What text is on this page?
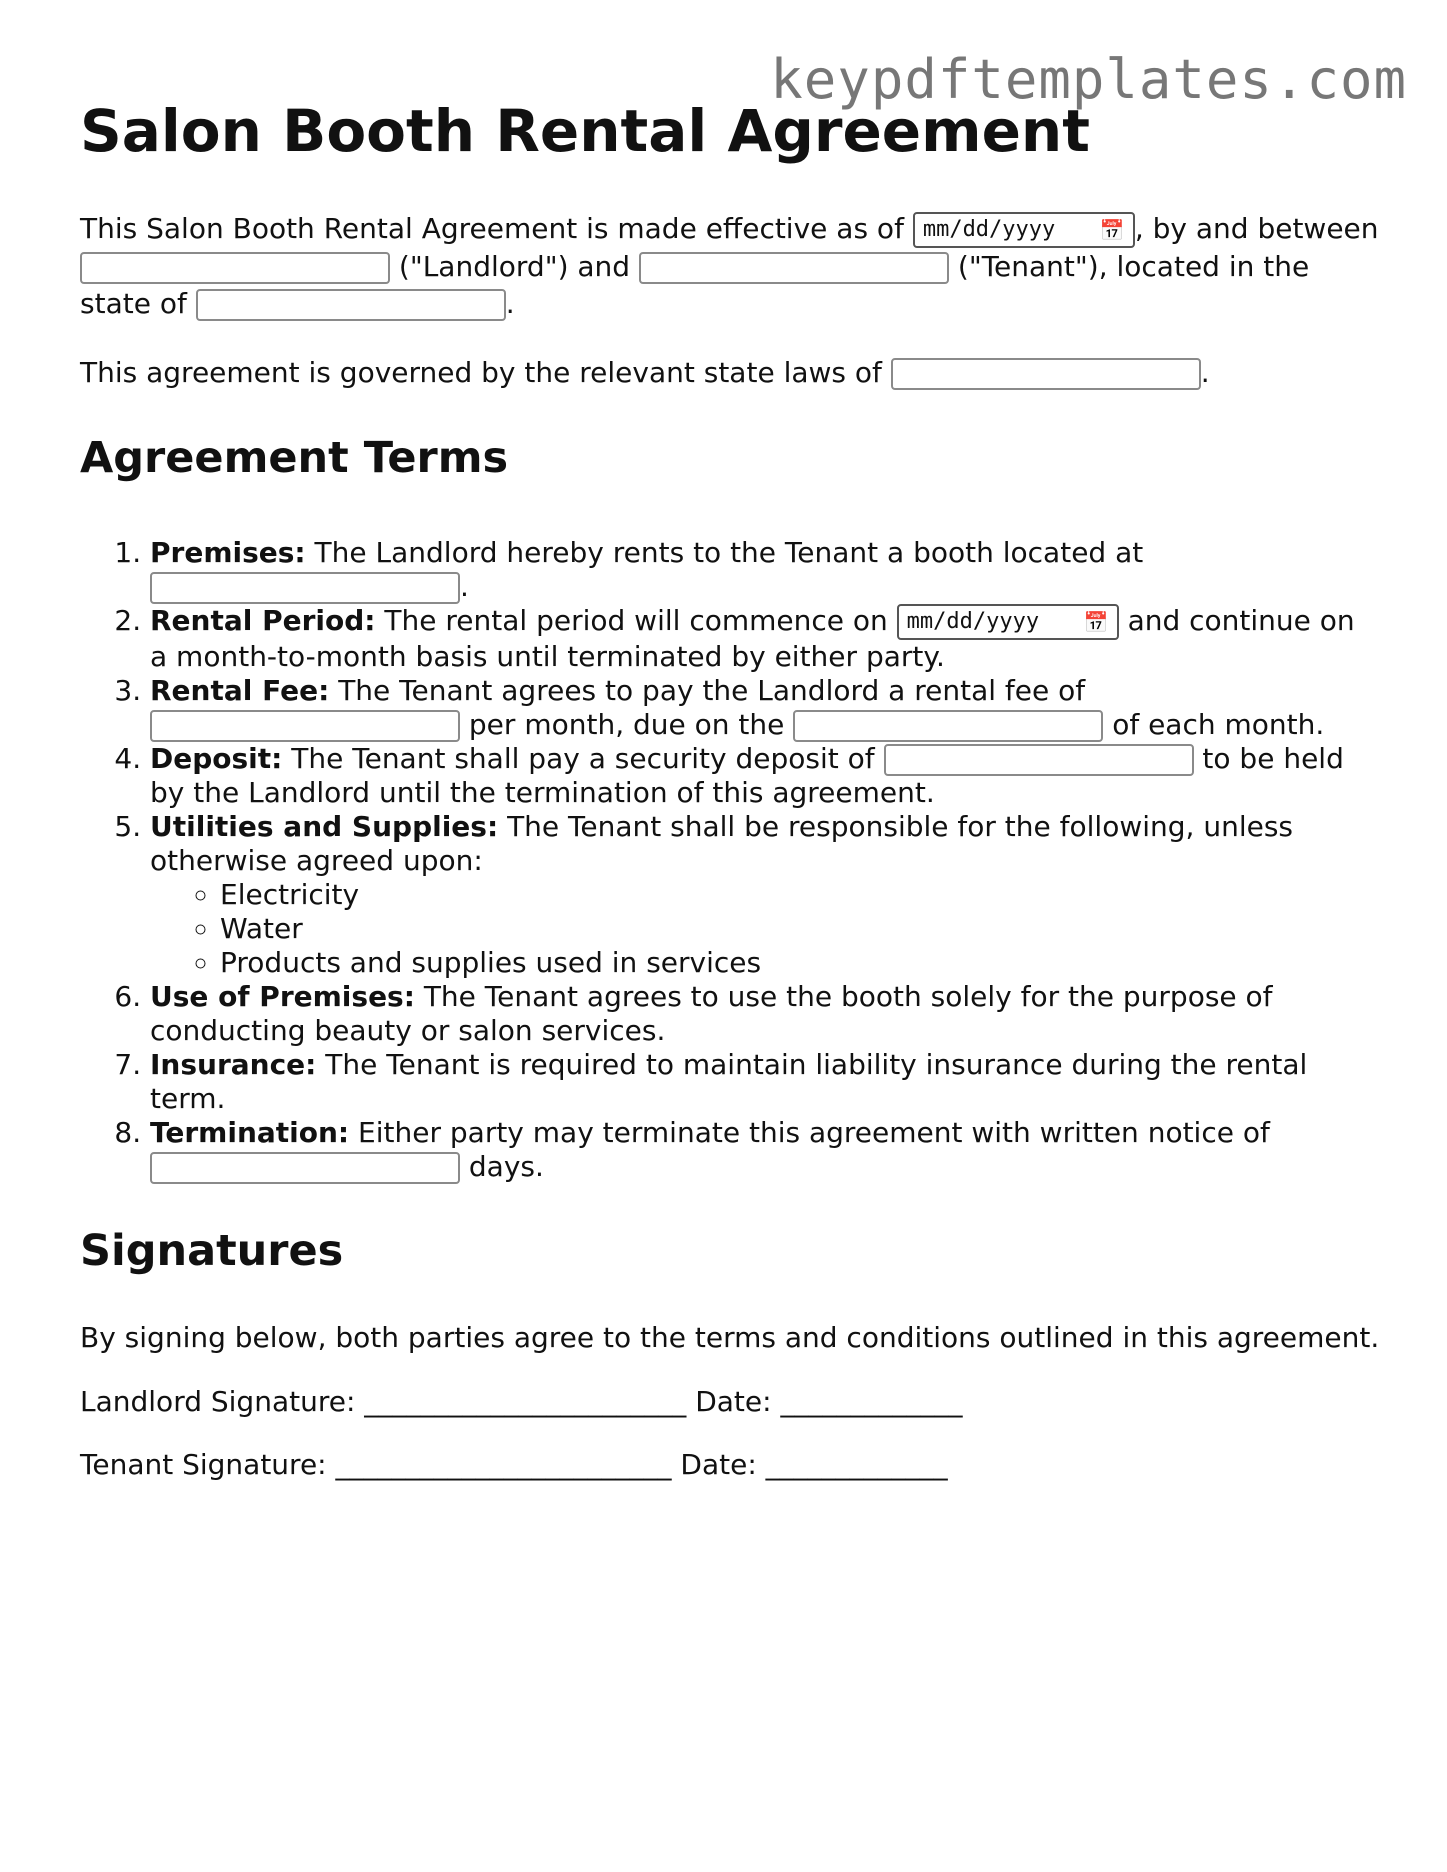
keypdftemplates.com
Salon Booth Rental Agreement

This Salon Booth Rental Agreement is made effective as of mm/dd/yyyy 📅 , by and between  ("Landlord") and	("Tenant"), located in the state of	.

This agreement is governed by the relevant state laws of	.

Agreement Terms
1. Premises: The Landlord hereby rents to the Tenant a booth located at
.
2. Rental Period: The rental period will commence on mm/dd/yyyy 📅 and continue on a month-to-month basis until terminated by either party.
3. Rental Fee: The Tenant agrees to pay the Landlord a rental fee of
per month, due on the	of each month.
4. Deposit: The Tenant shall pay a security deposit of	to be held by the Landlord until the termination of this agreement.
5. Utilities and Supplies: The Tenant shall be responsible for the following, unless otherwise agreed upon:
◦ Electricity
◦ Water
◦ Products and supplies used in services
6. Use of Premises: The Tenant agrees to use the booth solely for the purpose of conducting beauty or salon services.
7. Insurance: The Tenant is required to maintain liability insurance during the rental term.
8. Termination: Either party may terminate this agreement with written notice of
days.
Signatures

By signing below, both parties agree to the terms and conditions outlined in this agreement.

Landlord Signature: _______________________ Date: _____________
Tenant Signature: ________________________ Date: _____________
